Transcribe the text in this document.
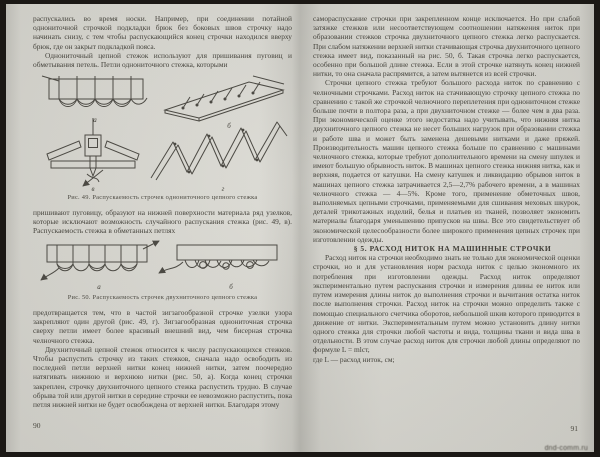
распускались во время носки. Например, при соединении потайной однониточной строчкой подкладки брюк без боковых швов строчку надо начинать снизу, с тем чтобы распускающийся конец строчки находился вверху брюк, где он закрыт подкладкой пояса.

Однониточный цепной стежок используют для пришивания пуговиц и обметывания петель. Петли однониточного стежка, которыми

а
б
в	г
Рис. 49. Распускаемость строчек однониточного цепного стежка

пришивают пуговицу, образуют на нижней поверхности материала ряд узелков, которые исключают возможность случайного распускания стежка (рис. 49, в). Распускаемость стежка в обметанных петлях

а	б
Рис. 50. Распускаемость строчек двухниточного цепного стежка

предотвращается тем, что в частой зигзагообразной строчке узелки узора закрепляют один другой (рис. 49, г). Зигзагообразная однониточная строчка сверху петли имеет более красивый внешний вид, чем бисерная строчка челночного стежка.

Двухниточный цепной стежок относится к числу распускающихся стежков. Чтобы распустить строчку из таких стежков, сначала надо освободить из последней петли верхней нитки конец нижней нитки, затем поочередно натягивать нижнюю и верхнюю нитки (рис. 50, а). Когда конец строчки закреплен, строчку двухниточного цепного стежка распустить трудно. В случае обрыва той или другой нитки в середине строчки ее невозможно распустить, пока петля нижней нитки не будет освобождена от верхней нитки. Благодаря этому

90

самораспускание строчки при закрепленном конце исключается. Но при слабой затяжке стежков или несоответствующем соотношении натяжения ниток при образовании стежков строчка двухниточного цепного стежка легко распускается. При слабом натяжении верхней нитки стачивающая строчка двухниточного цепного стежка имеет вид, показанный на рис. 50, б. Такая строчка легко распускается, особенно при большой длине стежка. Если в этой строчке натянуть конец нижней нитки, то она сначала распрямится, а затем вытянется из всей строчки.

Строчки цепного стежка требуют большого расхода ниток по сравнению с челночными строчками. Расход ниток на стачивающую строчку цепного стежка по сравнению с такой же строчкой челночного переплетения при однониточном стежке больше почти в полтора раза, а при двухниточном стежке — более чем в два раза. При экономической оценке этого недостатка надо учитывать, что нижняя нитка двухниточного цепного стежка не несет больших нагрузок при образовании стежка и работе шва и может быть заменена дешевыми нитками и даже пряжей. Производительность машин цепного стежка больше по сравнению с машинами челночного стежка, которые требуют дополнительного времени на смену шпулек и имеют большую обрывность ниток. В машинах цепного стежка нижняя нитка, как и верхняя, подается от катушки. На смену катушек и ликвидацию обрывов ниток в машинах цепного стежка затрачивается 2,5—2,7% рабочего времени, а в машинах челночного стежка — 4—5%. Кроме того, применение обметочных швов, выполняемых цепными строчками, применяемыми для сшивания меховых шкурок, деталей трикотажных изделий, белья и платьев из тканей, позволяет экономить материалы благодаря уменьшению припусков на швы. Все это свидетельствует об экономической целесообразности более широкого применения цепных строчек при изготовлении одежды.

§ 5. РАСХОД НИТОК НА МАШИННЫЕ СТРОЧКИ

Расход ниток на строчки необходимо знать не только для экономической оценки строчки, но и для установления норм расхода ниток с целью экономного их потребления при изготовлении одежды. Расход ниток определяют экспериментально путем распускания строчки и измерения длины ее ниток или путем измерения длины ниток до выполнения строчки и вычитания остатка ниток после выполнения строчки. Расход ниток на строчки можно определить также с помощью специального счетчика оборотов, небольшой шкив которого приводится в движение от нитки. Экспериментальным путем можно установить длину нитки одного стежка для строчки любой частоты и вида, толщины ткани и вида шва в отдельности. В этом случае расход ниток для строчки любой длины определяют по формуле L = mlст,

где L — расход ниток, см;

91
dnd-comm.ru
